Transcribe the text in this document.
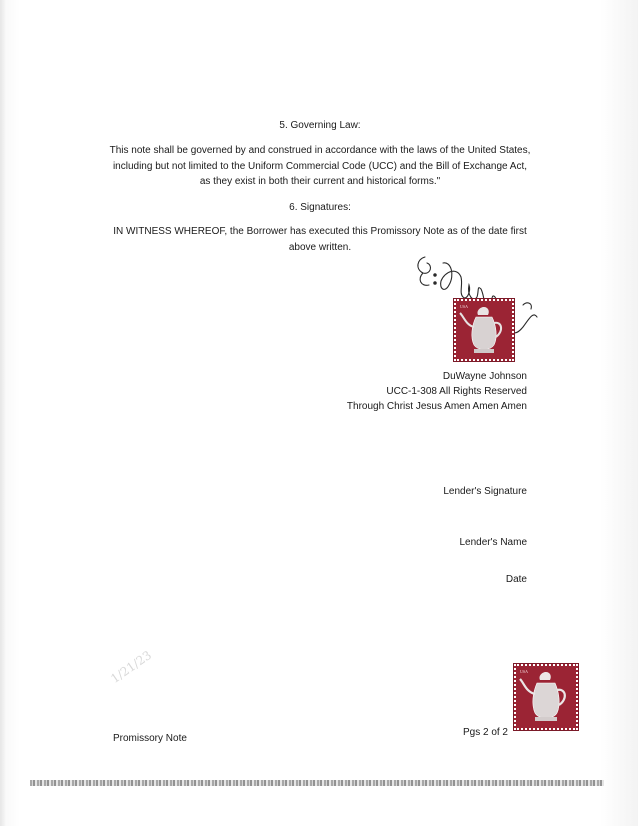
5. Governing Law:
This note shall be governed by and construed in accordance with the laws of the United States,
including but not limited to the Uniform Commercial Code (UCC) and the Bill of Exchange Act,
as they exist in both their current and historical forms."
6. Signatures:
IN WITNESS WHEREOF, the Borrower has executed this Promissory Note as of the date first
above written.
USA
DuWayne Johnson
UCC-1-308 All Rights Reserved
Through Christ Jesus Amen Amen Amen
Lender's Signature
Lender's Name
Date
1/21/23	USA
Promissory Note
Pgs 2 of 2
